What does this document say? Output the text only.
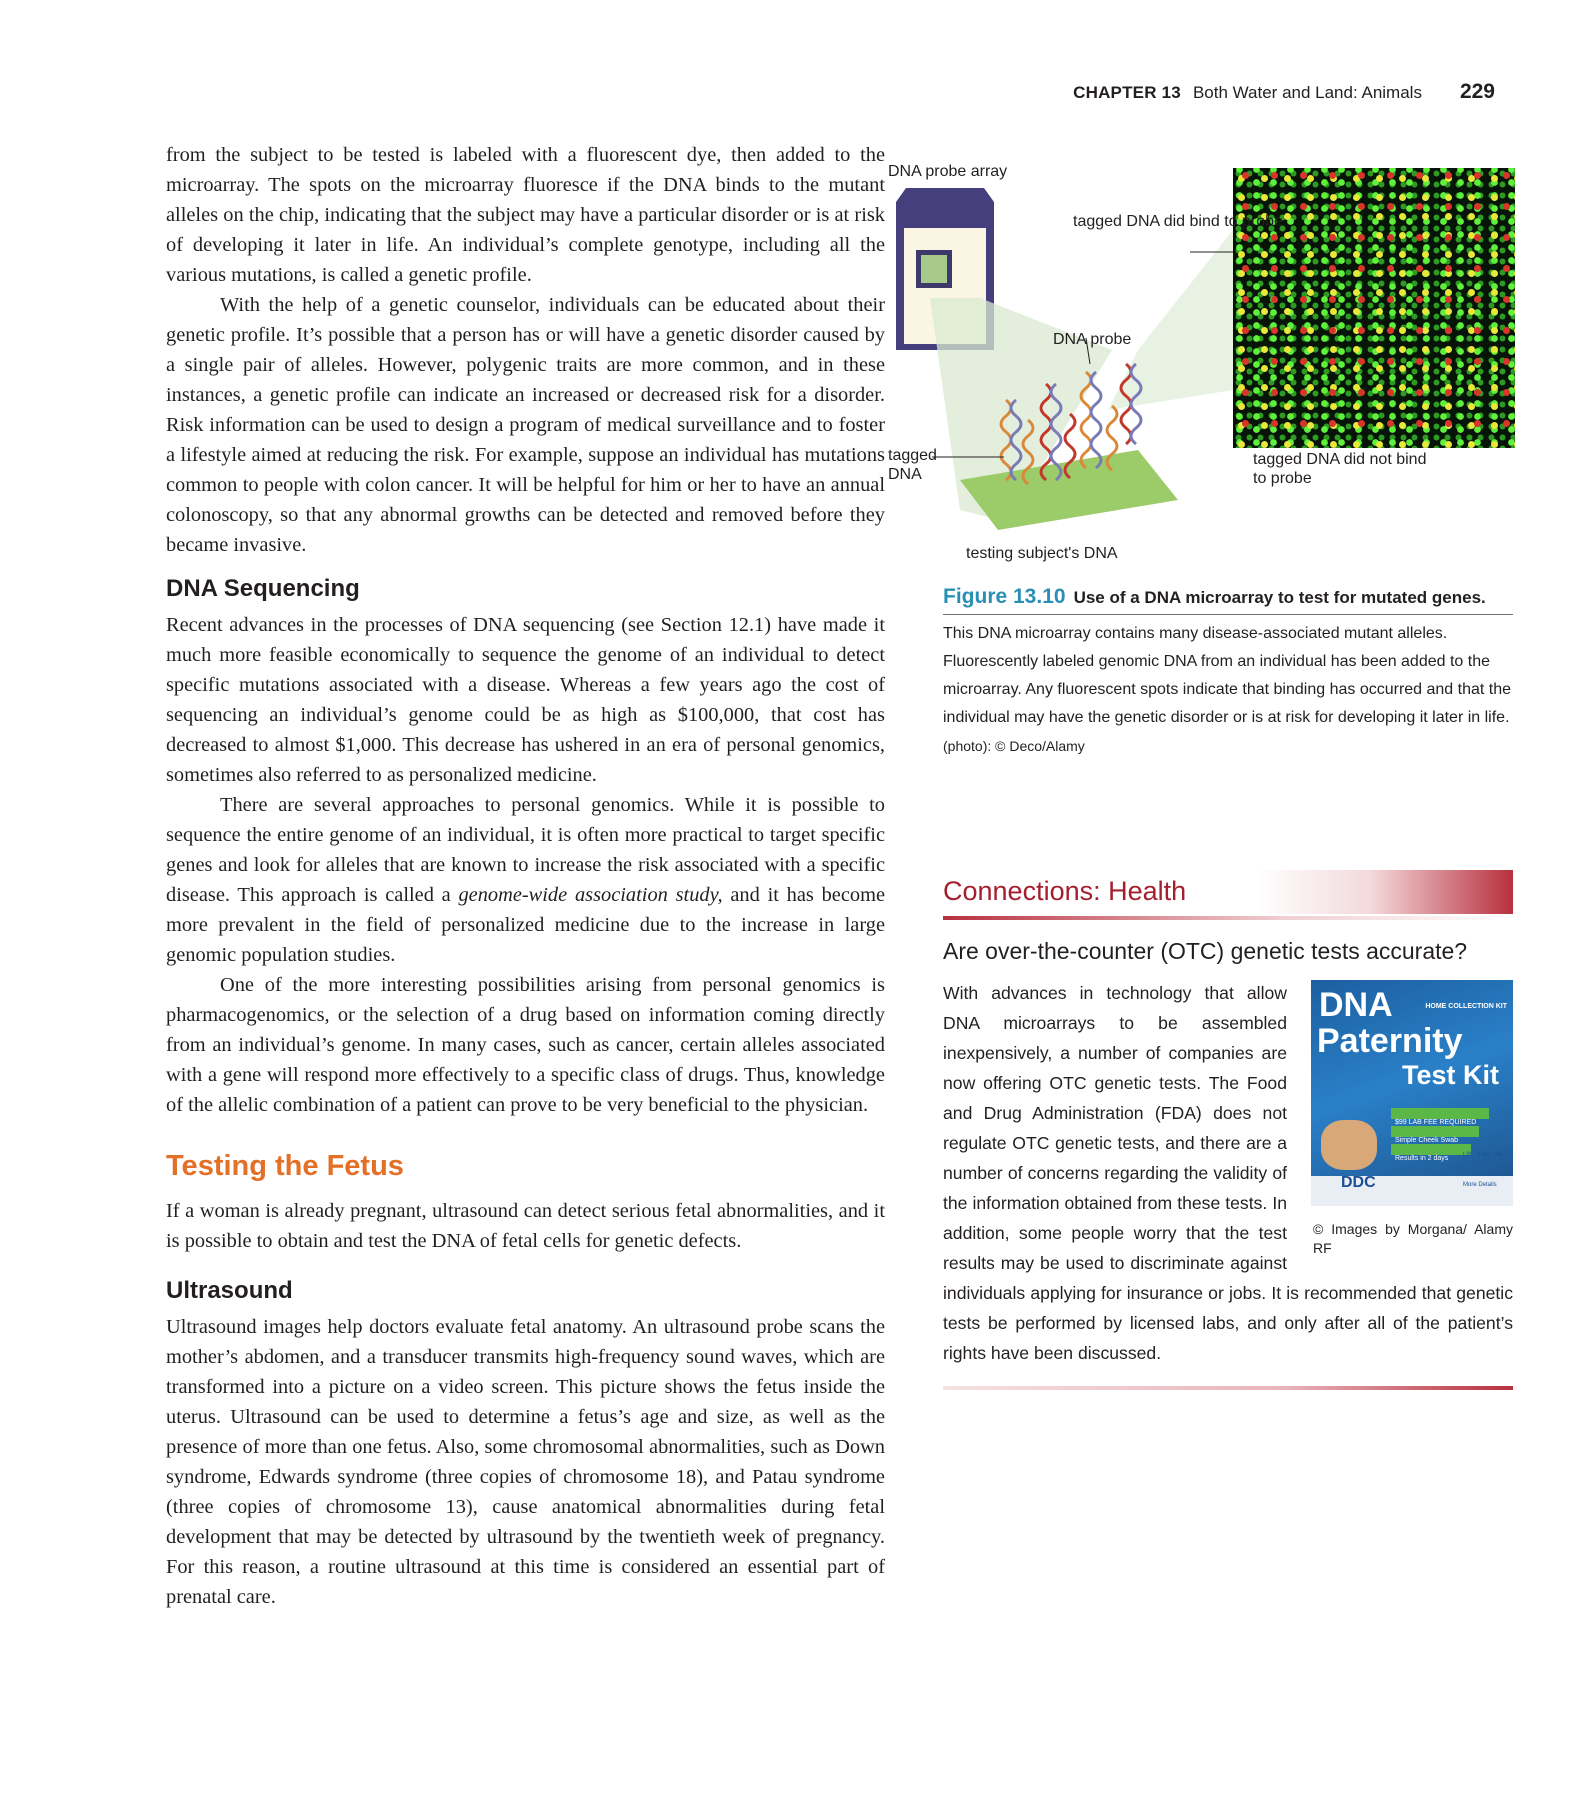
CHAPTER 13 Both Water and Land: Animals 229

from the subject to be tested is labeled with a fluorescent dye, then added to the microarray. The spots on the microarray fluoresce if the DNA binds to the mutant alleles on the chip, indicating that the subject may have a particular disorder or is at risk of developing it later in life. An individual’s complete genotype, including all the various mutations, is called a genetic profile.

With the help of a genetic counselor, individuals can be educated about their genetic profile. It’s possible that a person has or will have a genetic disorder caused by a single pair of alleles. However, polygenic traits are more common, and in these instances, a genetic profile can indicate an increased or decreased risk for a disorder. Risk information can be used to design a program of medical surveillance and to foster a lifestyle aimed at reducing the risk. For example, suppose an individual has mutations common to people with colon cancer. It will be helpful for him or her to have an annual colonoscopy, so that any abnormal growths can be detected and removed before they became invasive.

DNA Sequencing

Recent advances in the processes of DNA sequencing (see Section 12.1) have made it much more feasible economically to sequence the genome of an individual to detect specific mutations associated with a disease. Whereas a few years ago the cost of sequencing an individual’s genome could be as high as $100,000, that cost has decreased to almost $1,000. This decrease has ushered in an era of personal genomics, sometimes also referred to as personalized medicine.

There are several approaches to personal genomics. While it is possible to sequence the entire genome of an individual, it is often more practical to target specific genes and look for alleles that are known to increase the risk associated with a specific disease. This approach is called a genome-wide association study, and it has become more prevalent in the field of personalized medicine due to the increase in large genomic population studies.

One of the more interesting possibilities arising from personal genomics is pharmacogenomics, or the selection of a drug based on information coming directly from an individual’s genome. In many cases, such as cancer, certain alleles associated with a gene will respond more effectively to a specific class of drugs. Thus, knowledge of the allelic combination of a patient can prove to be very beneficial to the physician.

Testing the Fetus

If a woman is already pregnant, ultrasound can detect serious fetal abnormalities, and it is possible to obtain and test the DNA of fetal cells for genetic defects.

Ultrasound

Ultrasound images help doctors evaluate fetal anatomy. An ultrasound probe scans the mother’s abdomen, and a transducer transmits high-frequency sound waves, which are transformed into a picture on a video screen. This picture shows the fetus inside the uterus. Ultrasound can be used to determine a fetus’s age and size, as well as the presence of more than one fetus. Also, some chromosomal abnormalities, such as Down syndrome, Edwards syndrome (three copies of chromosome 18), and Patau syndrome (three copies of chromosome 13), cause anatomical abnormalities during fetal development that may be detected by ultrasound by the twentieth week of pregnancy. For this reason, a routine ultrasound at this time is considered an essential part of prenatal care.

DNA probe array
tagged DNA did bind to probe
DNA probe
tagged DNA
tagged DNA did not bind to probe
testing subject's DNA
Figure 13.10 Use of a DNA microarray to test for mutated genes.

This DNA microarray contains many disease-associated mutant alleles. Fluorescently labeled genomic DNA from an individual has been added to the microarray. Any fluorescent spots indicate that binding has occurred and that the individual may have the genetic disorder or is at risk for developing it later in life.

(photo): © Deco/Alamy

Connections: Health
Are over-the-counter (OTC) genetic tests accurate?
DNA	HOME COLLECTION KIT
Paternity
Test Kit
$99 LAB FEE REQUIRED
Simple Cheek Swab
Results in 2 days
DDC
Lift Flap for More Details
© Images by Morgana/ Alamy RF
With advances in technology that allow DNA microarrays to be assembled inexpensively, a number of companies are now offering OTC genetic tests. The Food and Drug Administration (FDA) does not regulate OTC genetic tests, and there are a number of concerns regarding the validity of the information obtained from these tests. In addition, some people worry that the test results may be used to discriminate against individuals applying for insurance or jobs. It is recommended that genetic tests be performed by licensed labs, and only after all of the patient’s rights have been discussed.
